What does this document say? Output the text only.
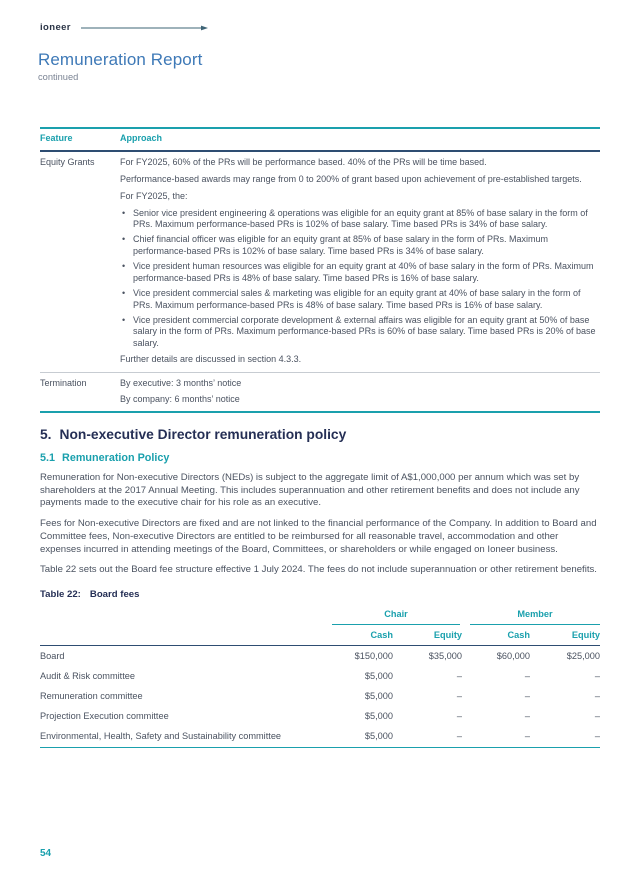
ioneer
Remuneration Report
continued
Feature	Approach
Equity Grants	For FY2025, 60% of the PRs will be performance based. 40% of the PRs will be time based.

Performance-based awards may range from 0 to 200% of grant based upon achievement of pre-established targets.

For FY2025, the:

• Senior vice president engineering & operations was eligible for an equity grant at 85% of base salary in the form of PRs. Maximum performance-based PRs is 102% of base salary. Time based PRs is 34% of base salary.
• Chief financial officer was eligible for an equity grant at 85% of base salary in the form of PRs. Maximum performance-based PRs is 102% of base salary. Time based PRs is 34% of base salary.
• Vice president human resources was eligible for an equity grant at 40% of base salary in the form of PRs. Maximum performance-based PRs is 48% of base salary. Time based PRs is 16% of base salary.
• Vice president commercial sales & marketing was eligible for an equity grant at 40% of base salary in the form of PRs. Maximum performance-based PRs is 48% of base salary. Time based PRs is 16% of base salary.
• Vice president commercial corporate development & external affairs was eligible for an equity grant at 50% of base salary in the form of PRs. Maximum performance-based PRs is 60% of base salary. Time based PRs is 20% of base salary.

Further details are discussed in section 4.3.3.

Termination	By executive: 3 months’ notice
By company: 6 months’ notice
5. Non-executive Director remuneration policy
5.1 Remuneration Policy

Remuneration for Non-executive Directors (NEDs) is subject to the aggregate limit of A$1,000,000 per annum which was set by shareholders at the 2017 Annual Meeting. This includes superannuation and other retirement benefits and does not include any payments made to the executive chair for his role as an executive.

Fees for Non-executive Directors are fixed and are not linked to the financial performance of the Company. In addition to Board and Committee fees, Non-executive Directors are entitled to be reimbursed for all reasonable travel, accommodation and other expenses incurred in attending meetings of the Board, Committees, or shareholders or while engaged on Ioneer business.

Table 22 sets out the Board fee structure effective 1 July 2024. The fees do not include superannuation or other retirement benefits.

Table 22: Board fees
Chair	Member
Cash	Equity	Cash	Equity
Board	$150,000	$35,000	$60,000	$25,000
Audit & Risk committee	$5,000	–	–	–
Remuneration committee	$5,000	–	–	–
Projection Execution committee	$5,000	–	–	–
Environmental, Health, Safety and Sustainability committee	$5,000	–	–	–
54
